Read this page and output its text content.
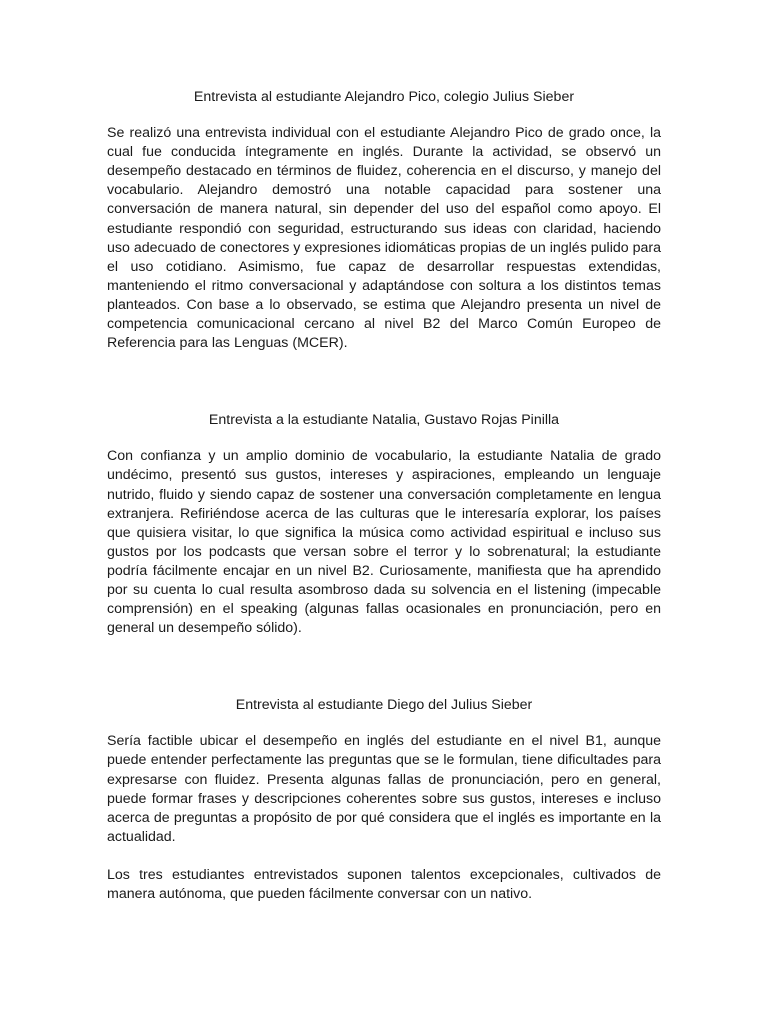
Entrevista al estudiante Alejandro Pico, colegio Julius Sieber

Se realizó una entrevista individual con el estudiante Alejandro Pico de grado once, la cual fue conducida íntegramente en inglés. Durante la actividad, se observó un desempeño destacado en términos de fluidez, coherencia en el discurso, y manejo del vocabulario. Alejandro demostró una notable capacidad para sostener una conversación de manera natural, sin depender del uso del español como apoyo. El estudiante respondió con seguridad, estructurando sus ideas con claridad, haciendo uso adecuado de conectores y expresiones idiomáticas propias de un inglés pulido para el uso cotidiano. Asimismo, fue capaz de desarrollar respuestas extendidas, manteniendo el ritmo conversacional y adaptándose con soltura a los distintos temas planteados. Con base a lo observado, se estima que Alejandro presenta un nivel de competencia comunicacional cercano al nivel B2 del Marco Común Europeo de Referencia para las Lenguas (MCER).

Entrevista a la estudiante Natalia, Gustavo Rojas Pinilla

Con confianza y un amplio dominio de vocabulario, la estudiante Natalia de grado undécimo, presentó sus gustos, intereses y aspiraciones, empleando un lenguaje nutrido, fluido y siendo capaz de sostener una conversación completamente en lengua extranjera. Refiriéndose acerca de las culturas que le interesaría explorar, los países que quisiera visitar, lo que significa la música como actividad espiritual e incluso sus gustos por los podcasts que versan sobre el terror y lo sobrenatural; la estudiante podría fácilmente encajar en un nivel B2. Curiosamente, manifiesta que ha aprendido por su cuenta lo cual resulta asombroso dada su solvencia en el listening (impecable comprensión) en el speaking (algunas fallas ocasionales en pronunciación, pero en general un desempeño sólido).

Entrevista al estudiante Diego del Julius Sieber

Sería factible ubicar el desempeño en inglés del estudiante en el nivel B1, aunque puede entender perfectamente las preguntas que se le formulan, tiene dificultades para expresarse con fluidez. Presenta algunas fallas de pronunciación, pero en general, puede formar frases y descripciones coherentes sobre sus gustos, intereses e incluso acerca de preguntas a propósito de por qué considera que el inglés es importante en la actualidad.

Los tres estudiantes entrevistados suponen talentos excepcionales, cultivados de manera autónoma, que pueden fácilmente conversar con un nativo.
